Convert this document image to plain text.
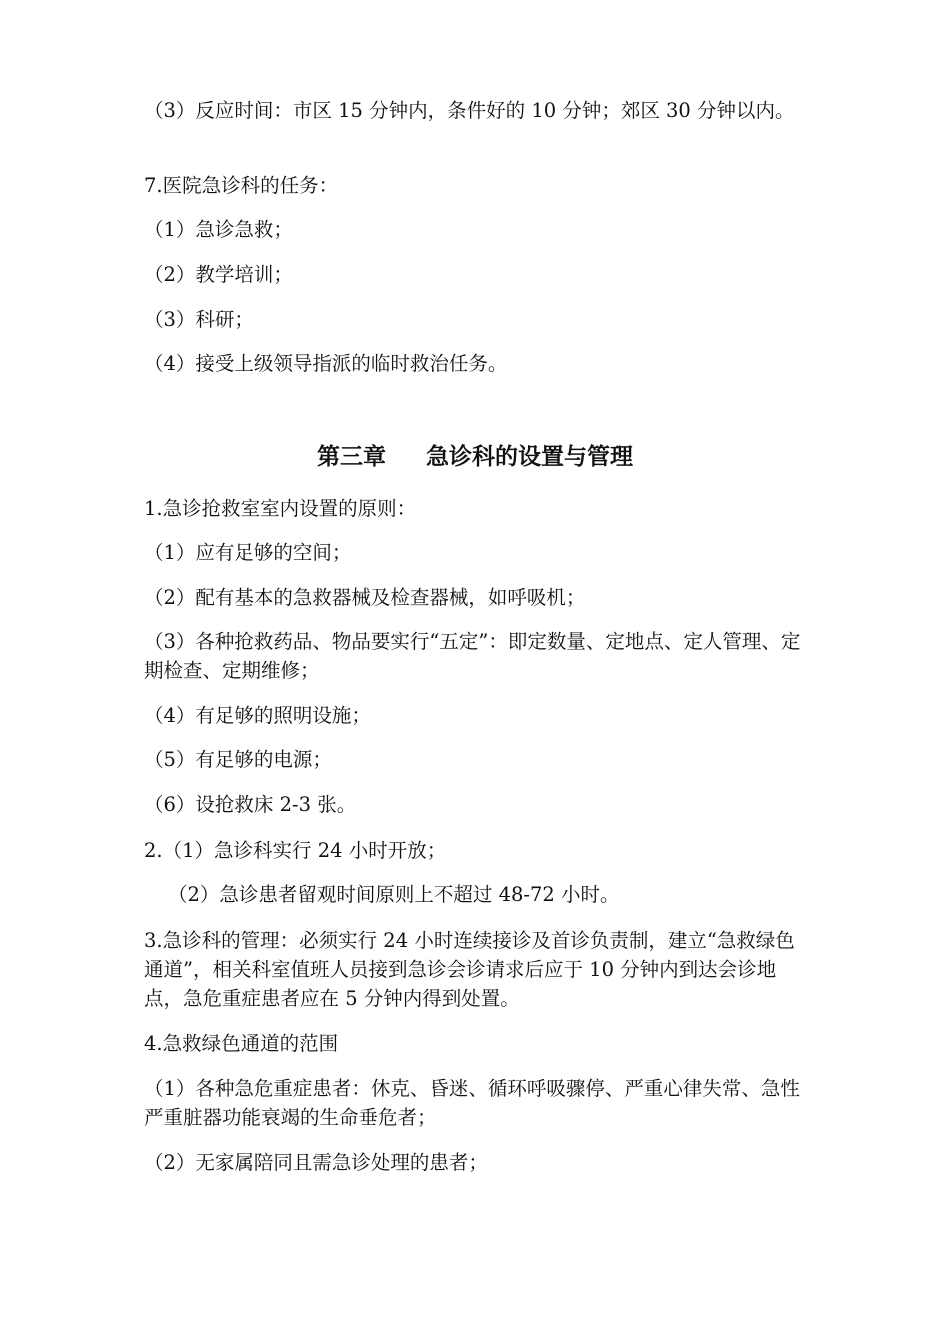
（3）反应时间：市区 15 分钟内，条件好的 10 分钟；郊区 30 分钟以内。
7.医院急诊科的任务：
（1）急诊急救；
（2）教学培训；
（3）科研；
（4）接受上级领导指派的临时救治任务。
第三章 急诊科的设置与管理
1.急诊抢救室室内设置的原则：
（1）应有足够的空间；
（2）配有基本的急救器械及检查器械，如呼吸机；
（3）各种抢救药品、物品要实行“五定”：即定数量、定地点、定人管理、定期检查、定期维修；
（4）有足够的照明设施；
（5）有足够的电源；
（6）设抢救床 2-3 张。
2.（1）急诊科实行 24 小时开放；
（2）急诊患者留观时间原则上不超过 48-72 小时。
3.急诊科的管理：必须实行 24 小时连续接诊及首诊负责制，建立“急救绿色通道”，相关科室值班人员接到急诊会诊请求后应于 10 分钟内到达会诊地点，急危重症患者应在 5 分钟内得到处置。
4.急救绿色通道的范围
（1）各种急危重症患者：休克、昏迷、循环呼吸骤停、严重心律失常、急性严重脏器功能衰竭的生命垂危者；
（2）无家属陪同且需急诊处理的患者；
